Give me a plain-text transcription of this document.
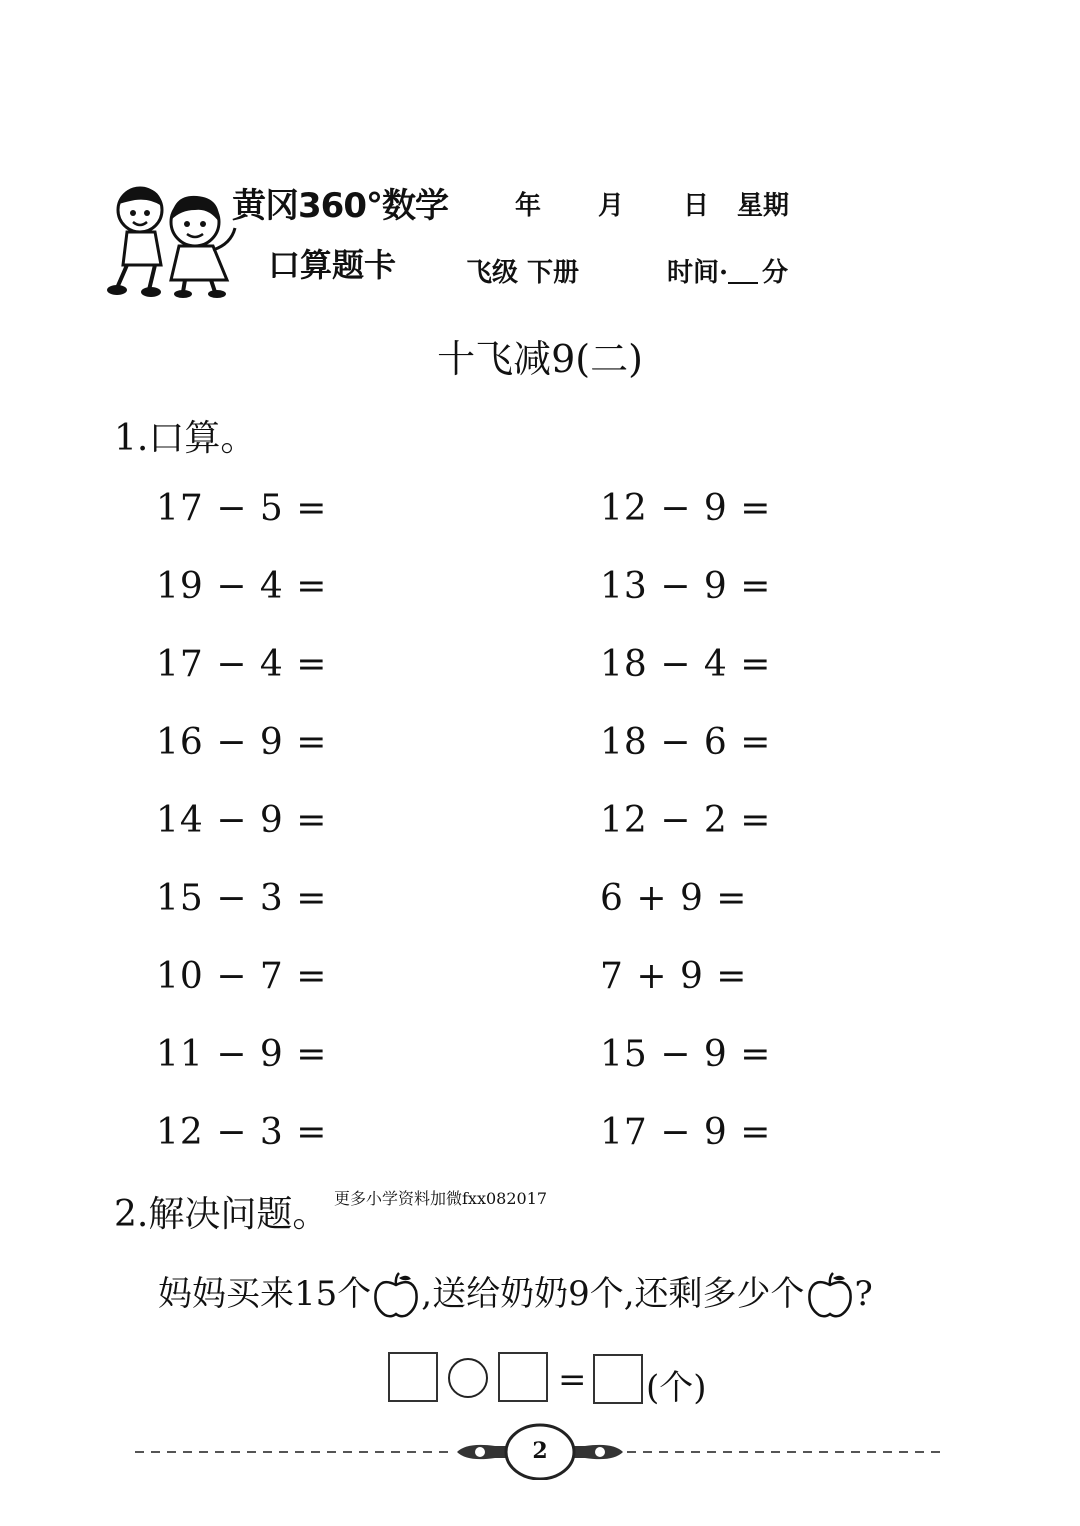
黄冈360°数学
口算题卡
年 月 日 星期
飞级 下册	时间· 分
十飞减9(二)
1.口算。
17 − 5 =
19 − 4 =
17 − 4 =
16 − 9 =
14 − 9 =
15 − 3 =
10 − 7 =
11 − 9 =
12 − 3 =
12 − 9 =
13 − 9 =
18 − 4 =
18 − 6 =
12 − 2 =
6 + 9 =
7 + 9 =
15 − 9 =
17 − 9 =
2.解决问题。 更多小学资料加微fxx082017
妈妈买来15个 ,送给奶奶9个,还剩多少个 ?
= (个)
2
